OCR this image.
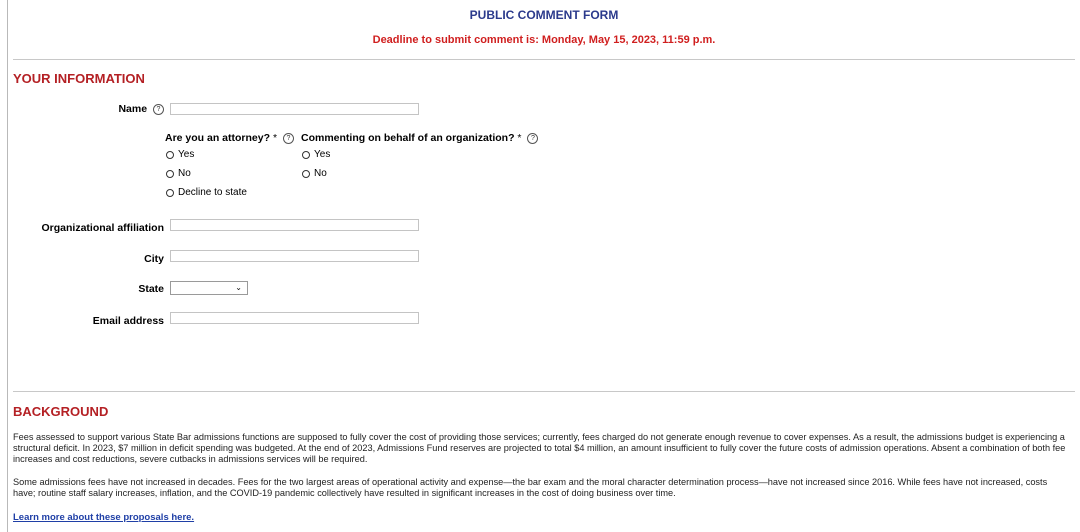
PUBLIC COMMENT FORM
Deadline to submit comment is: Monday, May 15, 2023, 11:59 p.m.
YOUR INFORMATION
Name ?
Are you an attorney? * ?
Yes
No
Decline to state
Commenting on behalf of an organization? * ?
Yes
No
Organizational affiliation
City
State	⌄
Email address
BACKGROUND
Fees assessed to support various State Bar admissions functions are supposed to fully cover the cost of providing those services; currently, fees charged do not generate enough revenue to cover expenses. As a result, the admissions budget is experiencing a structural deficit. In 2023, $7 million in deficit spending was budgeted. At the end of 2023, Admissions Fund reserves are projected to total $4 million, an amount insufficient to fully cover the future costs of admission operations. Absent a combination of both fee increases and cost reductions, severe cutbacks in admissions services will be required.
Some admissions fees have not increased in decades. Fees for the two largest areas of operational activity and expense—the bar exam and the moral character determination process—have not increased since 2016. While fees have not increased, costs have; routine staff salary increases, inflation, and the COVID-19 pandemic collectively have resulted in significant increases in the cost of doing business over time.
Learn more about these proposals here.
